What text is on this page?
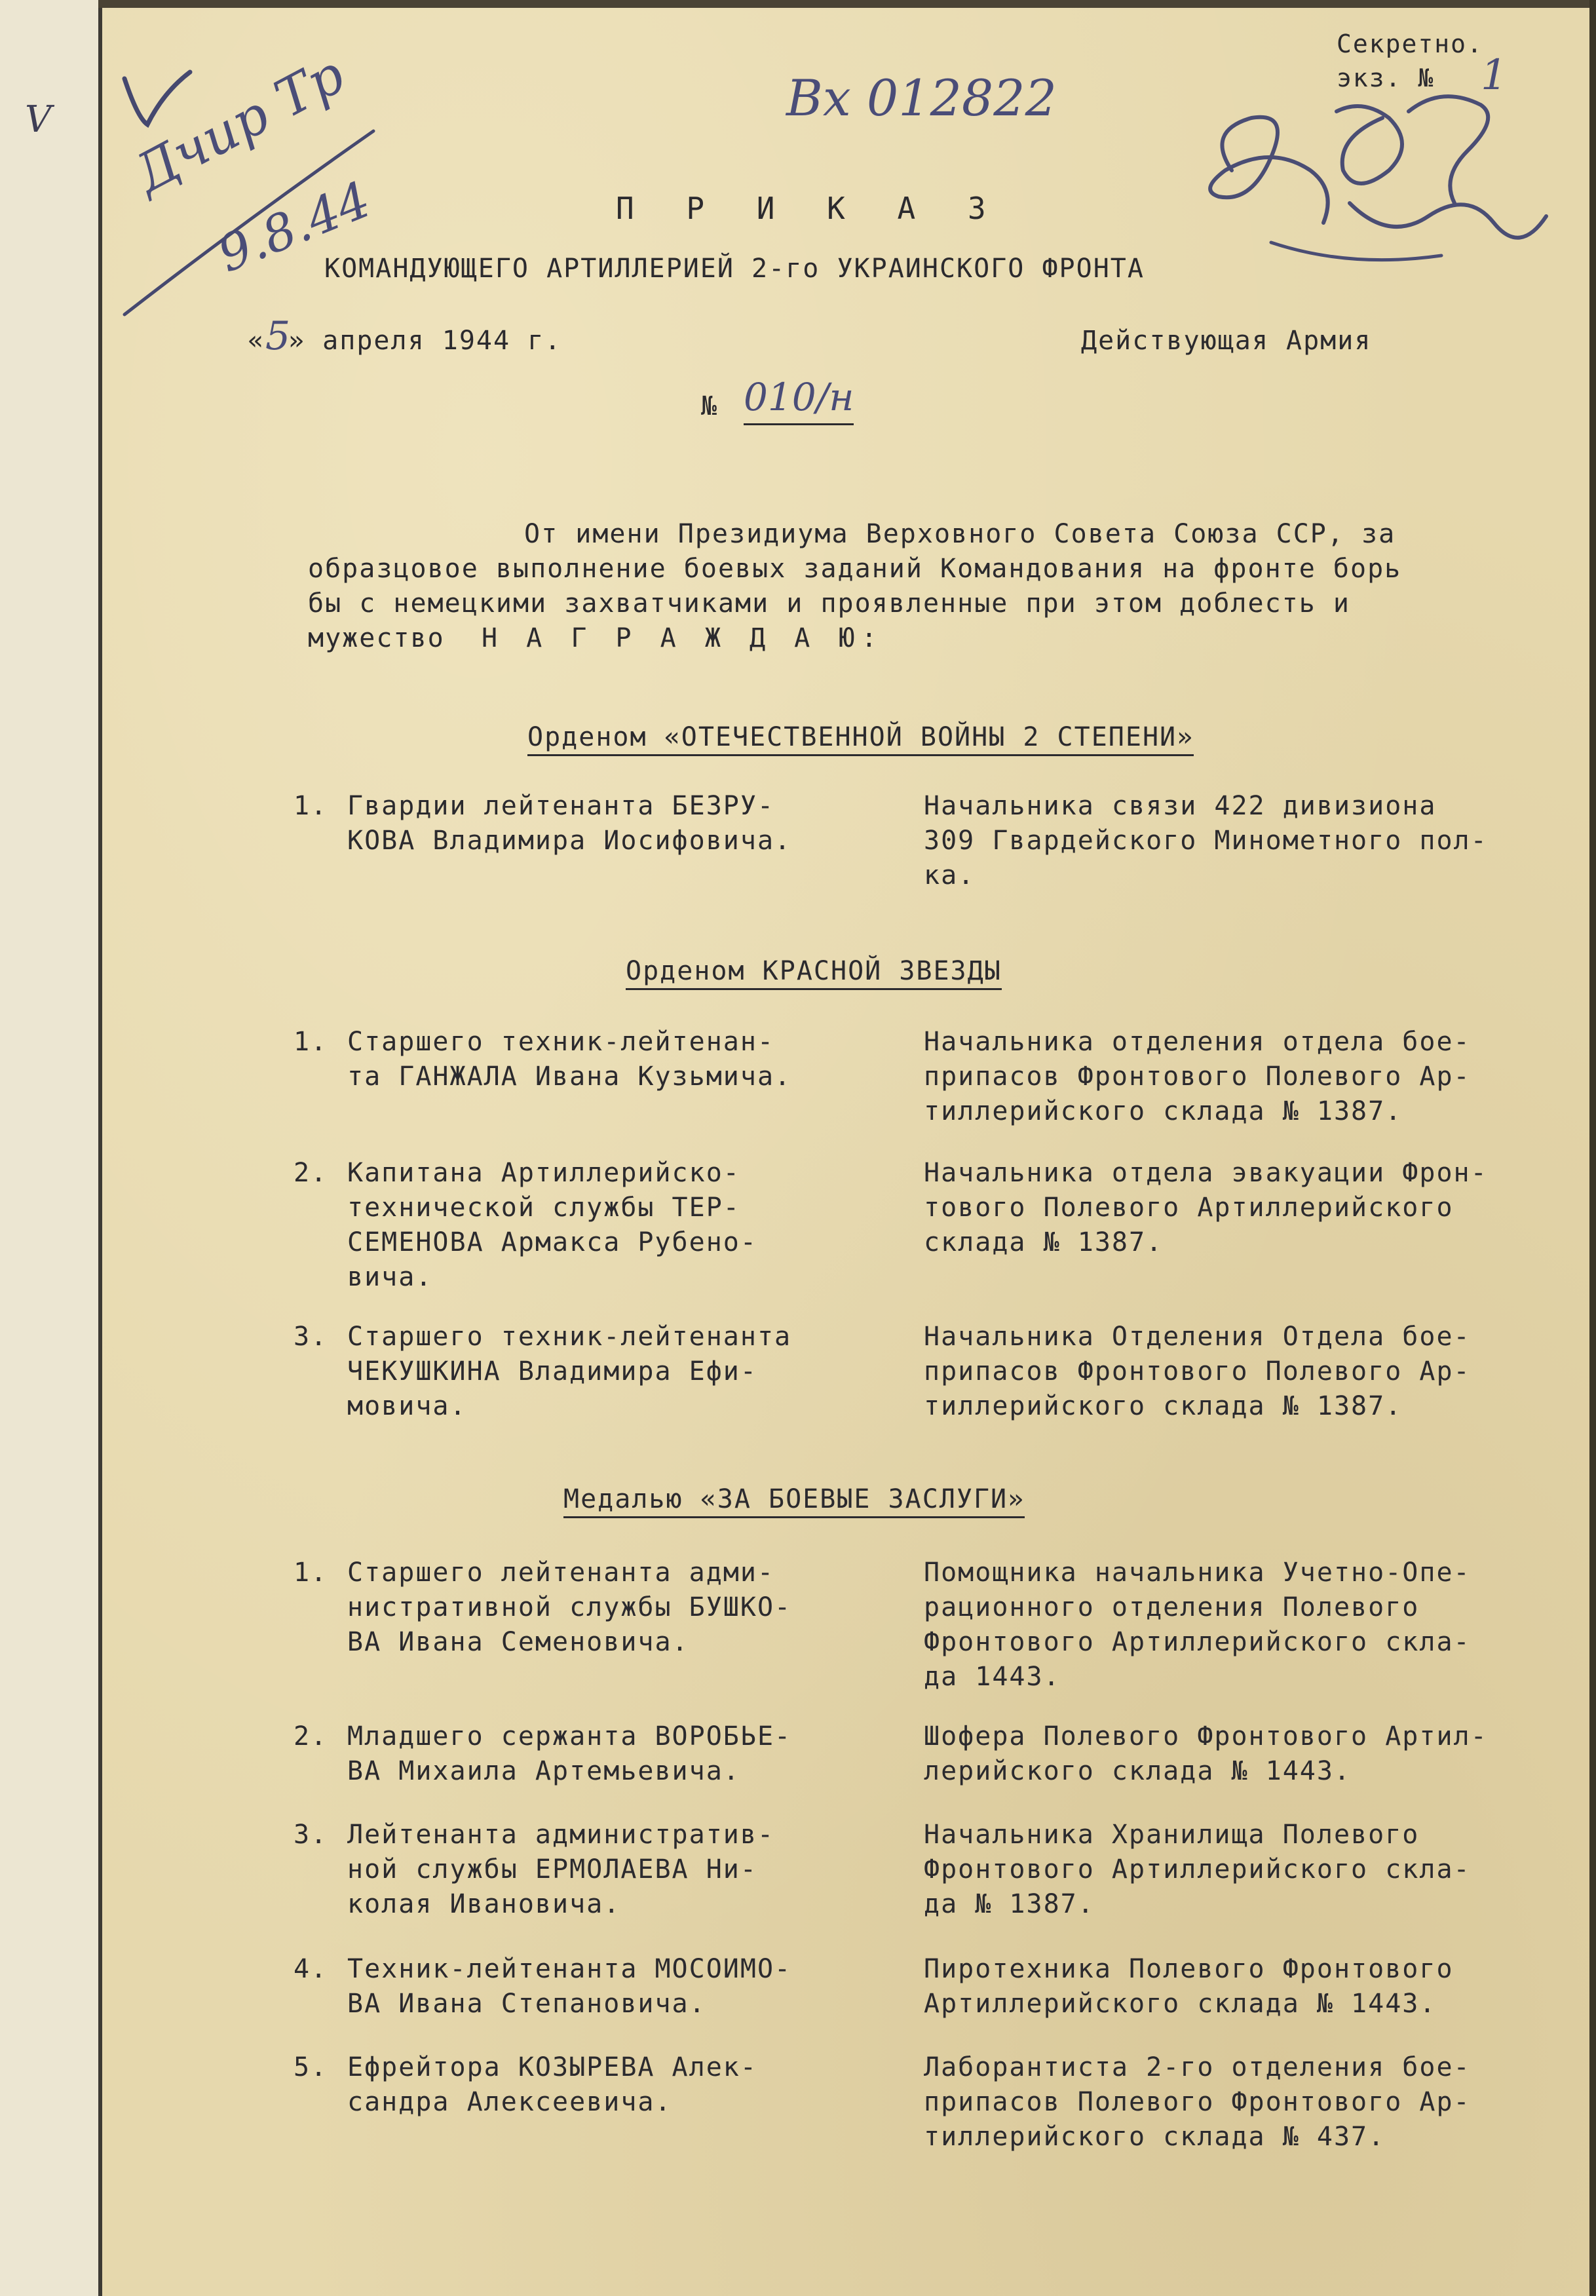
V
Секретно.
экз. № 1
Вх 012822
Дчир Тр
9.8.44	П Р И К А З
КОМАНДУЮЩЕГО АРТИЛЛЕРИЕЙ 2-го УКРАИНСКОГО ФРОНТА
« 5
» апреля 1944 г.	Действующая Армия
№ 010/н
От имени Президиума Верховного Совета Союза ССР, за
образцовое выполнение боевых заданий Командования на фронте борь
бы с немецкими захватчиками и проявленные при этом доблесть и
мужество Н А Г Р А Ж Д А Ю:
Орденом «ОТЕЧЕСТВЕННОЙ ВОЙНЫ 2 СТЕПЕНИ»
1. Гвардии лейтенанта БЕЗРУ-
КОВА Владимира Иосифовича.
Начальника связи 422 дивизиона
309 Гвардейского Минометного пол-
ка.
Орденом КРАСНОЙ ЗВЕЗДЫ
1. Старшего техник-лейтенан-
та ГАНЖАЛА Ивана Кузьмича.
Начальника отделения отдела бое-
припасов Фронтового Полевого Ар-
тиллерийского склада № 1387.
2. Капитана Артиллерийско-
технической службы ТЕР-
СЕМЕНОВА Армакса Рубено-
вича.
Начальника отдела эвакуации Фрон-
тового Полевого Артиллерийского
склада № 1387.
3. Старшего техник-лейтенанта
ЧЕКУШКИНА Владимира Ефи-
мовича.
Начальника Отделения Отдела бое-
припасов Фронтового Полевого Ар-
тиллерийского склада № 1387.
Медалью «ЗА БОЕВЫЕ ЗАСЛУГИ»
1. Старшего лейтенанта адми-
нистративной службы БУШКО-
ВА Ивана Семеновича.
Помощника начальника Учетно-Опе-
рационного отделения Полевого
Фронтового Артиллерийского скла-
да 1443.
2. Младшего сержанта ВОРОБЬЕ-
ВА Михаила Артемьевича.
Шофера Полевого Фронтового Артил-
лерийского склада № 1443.
3. Лейтенанта административ-
ной службы ЕРМОЛАЕВА Ни-
колая Ивановича.
Начальника Хранилища Полевого
Фронтового Артиллерийского скла-
да № 1387.
4. Техник-лейтенанта МОСОИМО-
ВА Ивана Степановича.
Пиротехника Полевого Фронтового
Артиллерийского склада № 1443.
5. Ефрейтора КОЗЫРЕВА Алек-
сандра Алексеевича.
Лаборантиста 2-го отделения бое-
припасов Полевого Фронтового Ар-
тиллерийского склада № 437.
